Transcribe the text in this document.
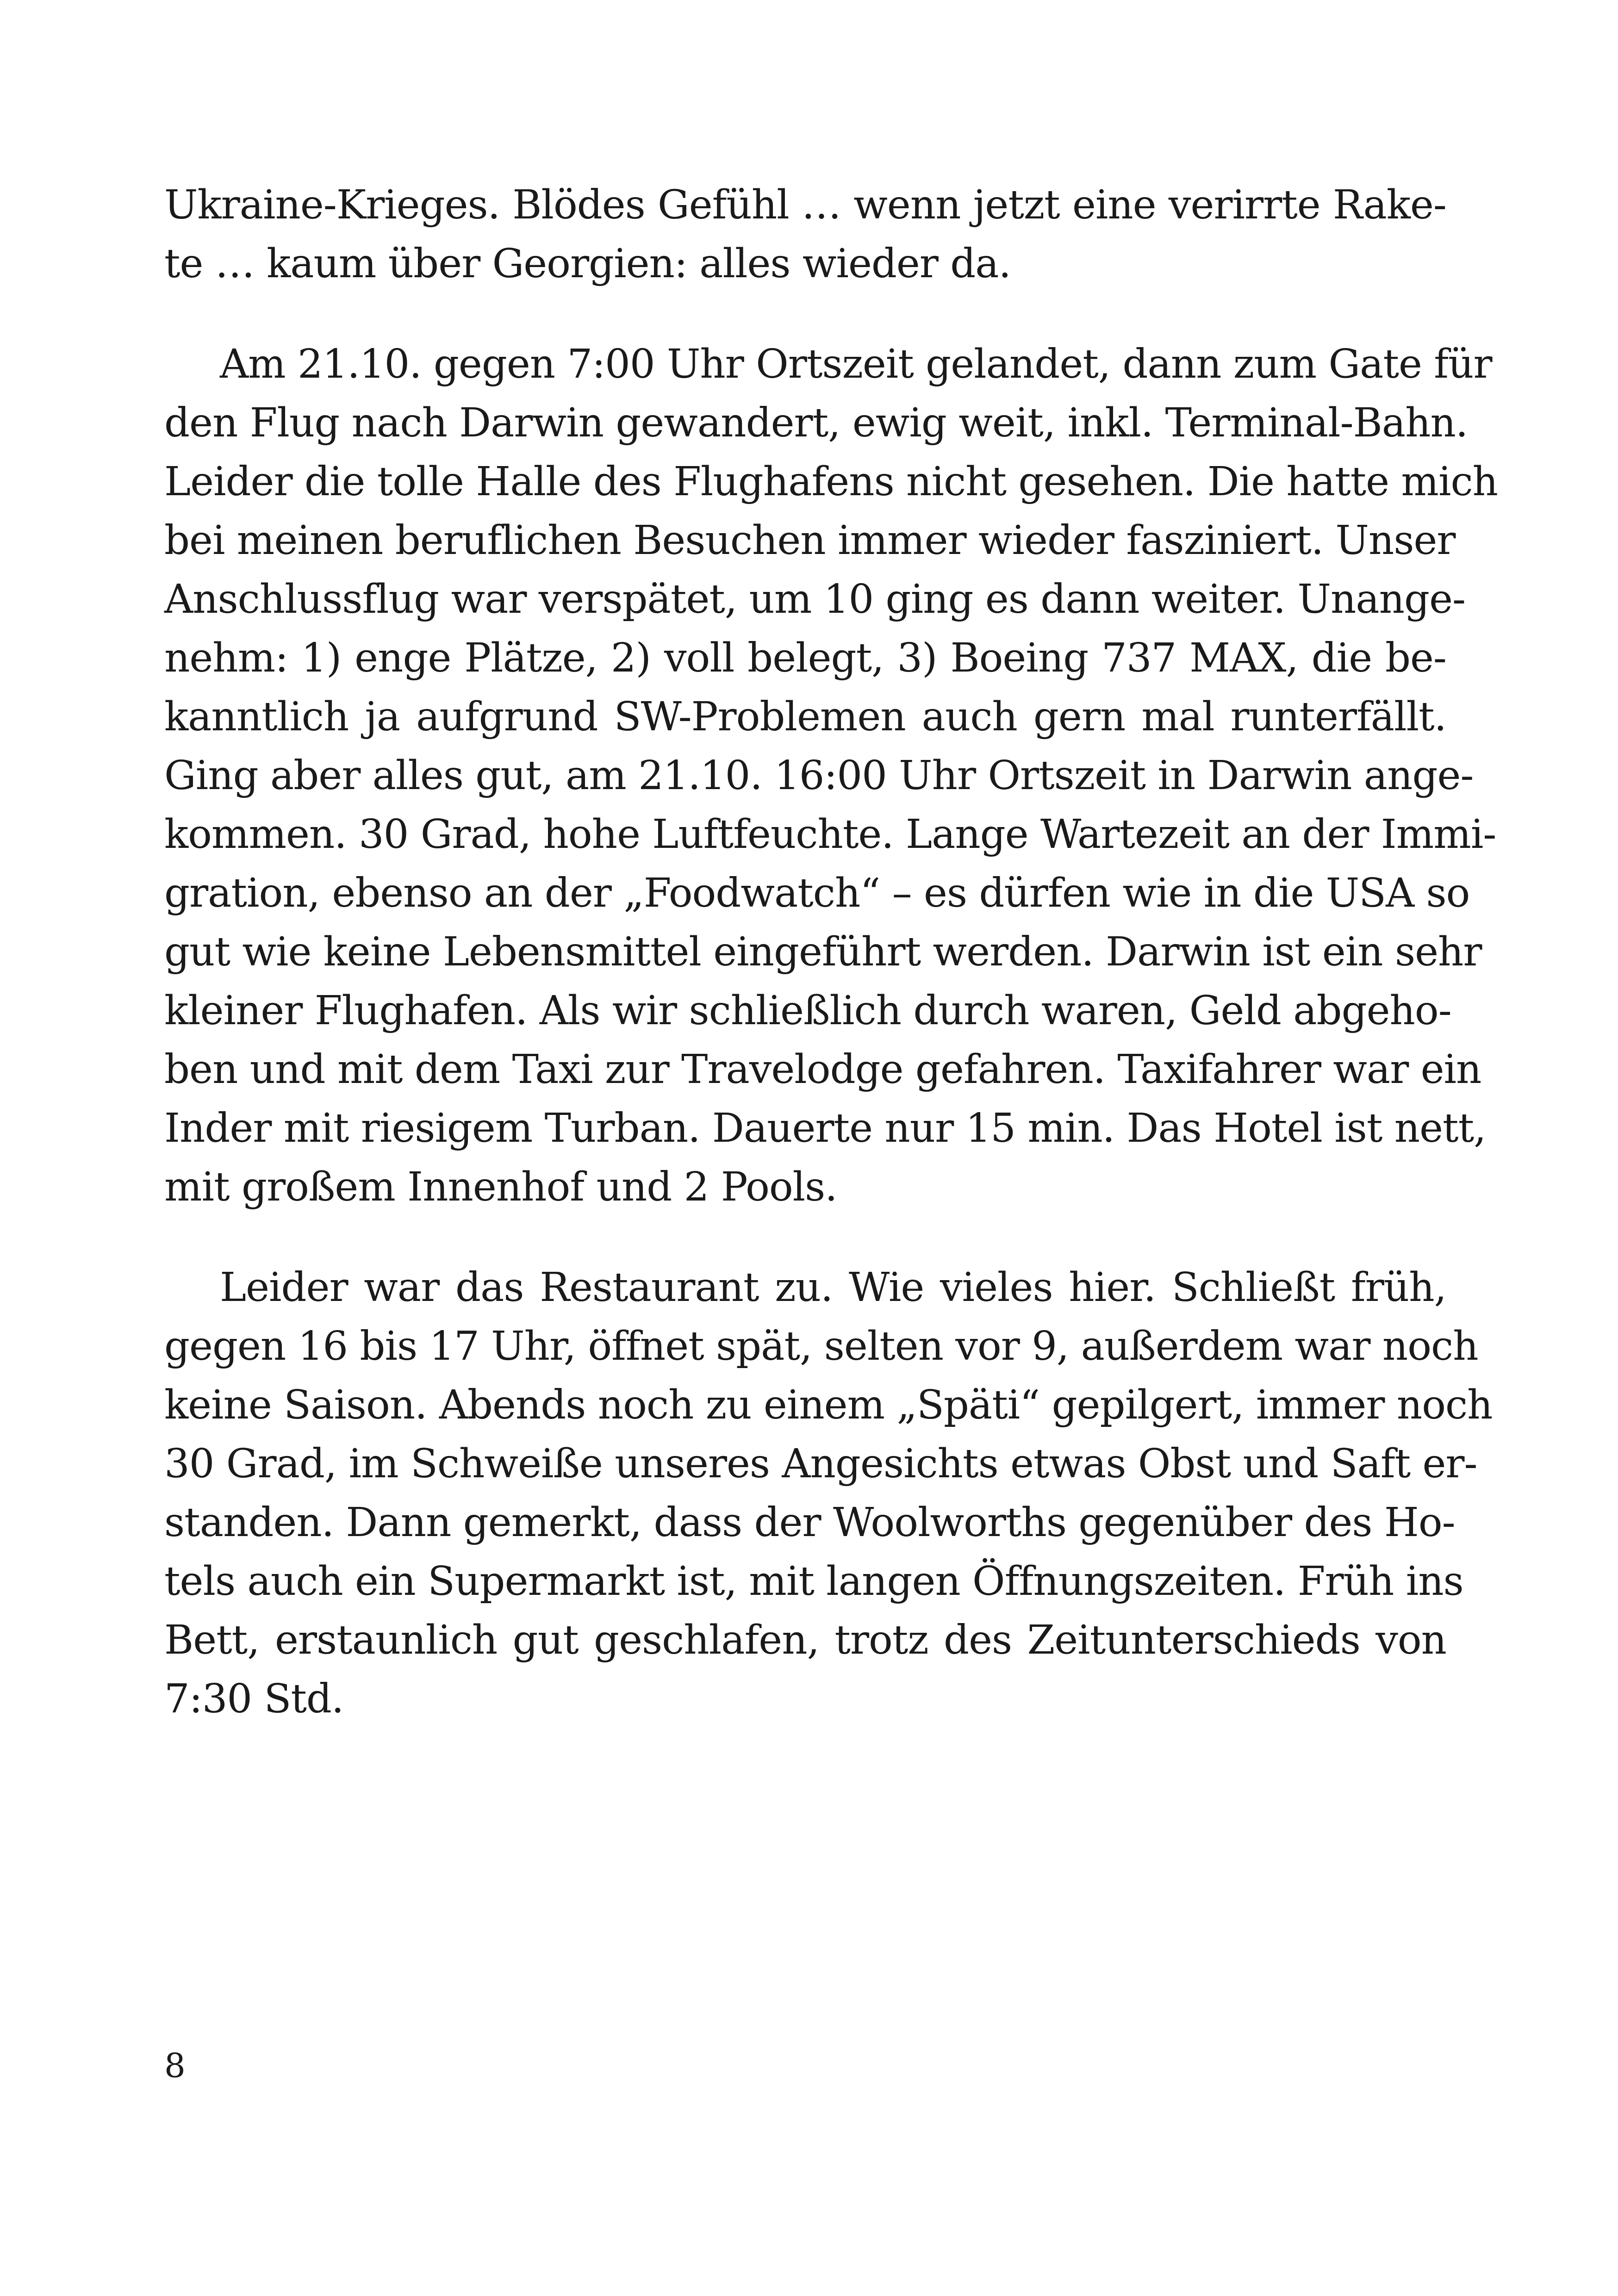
Ukraine-Krieges. Blödes Gefühl … wenn jetzt eine verirrte Rake-
te … kaum über Georgien: alles wieder da.
Am 21.10. gegen 7:00 Uhr Ortszeit gelandet, dann zum Gate für
den Flug nach Darwin gewandert, ewig weit, inkl. Terminal-Bahn.
Leider die tolle Halle des Flughafens nicht gesehen. Die hatte mich
bei meinen beruflichen Besuchen immer wieder fasziniert. Unser
Anschlussflug war verspätet, um 10 ging es dann weiter. Unange-
nehm: 1) enge Plätze, 2) voll belegt, 3) Boeing 737 MAX, die be-
kanntlich ja aufgrund SW-Problemen auch gern mal runterfällt.
Ging aber alles gut, am 21.10. 16:00 Uhr Ortszeit in Darwin ange-
kommen. 30 Grad, hohe Luftfeuchte. Lange Wartezeit an der Immi-
gration, ebenso an der „Foodwatch“ – es dürfen wie in die USA so
gut wie keine Lebensmittel eingeführt werden. Darwin ist ein sehr
kleiner Flughafen. Als wir schließlich durch waren, Geld abgeho-
ben und mit dem Taxi zur Travelodge gefahren. Taxifahrer war ein
Inder mit riesigem Turban. Dauerte nur 15 min. Das Hotel ist nett,
mit großem Innenhof und 2 Pools.
Leider war das Restaurant zu. Wie vieles hier. Schließt früh,
gegen 16 bis 17 Uhr, öffnet spät, selten vor 9, außerdem war noch
keine Saison. Abends noch zu einem „Späti“ gepilgert, immer noch
30 Grad, im Schweiße unseres Angesichts etwas Obst und Saft er-
standen. Dann gemerkt, dass der Woolworths gegenüber des Ho-
tels auch ein Supermarkt ist, mit langen Öffnungszeiten. Früh ins
Bett, erstaunlich gut geschlafen, trotz des Zeitunterschieds von
7:30 Std.
8
